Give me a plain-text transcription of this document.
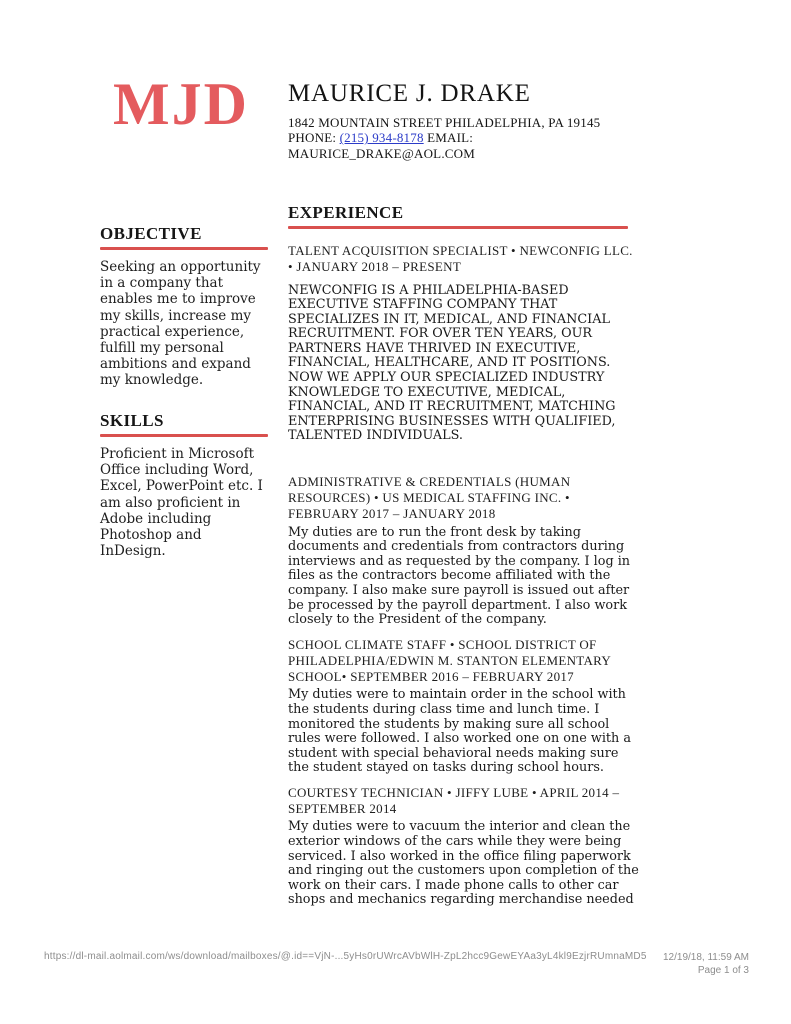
MJD MAURICE J. DRAKE
1842 MOUNTAIN STREET PHILADELPHIA, PA 19145
PHONE: (215) 934-8178 EMAIL: MAURICE_DRAKE@AOL.COM
OBJECTIVE
Seeking an opportunity in a company that enables me to improve my skills, increase my practical experience, fulfill my personal ambitions and expand my knowledge.
SKILLS
Proficient in Microsoft Office including Word, Excel, PowerPoint etc. I am also proficient in Adobe including Photoshop and InDesign.
EXPERIENCE
TALENT ACQUISITION SPECIALIST • NEWCONFIG LLC. • JANUARY 2018 – PRESENT
NEWCONFIG IS A PHILADELPHIA-BASED EXECUTIVE STAFFING COMPANY THAT SPECIALIZES IN IT, MEDICAL, AND FINANCIAL RECRUITMENT. FOR OVER TEN YEARS, OUR PARTNERS HAVE THRIVED IN EXECUTIVE, FINANCIAL, HEALTHCARE, AND IT POSITIONS. NOW WE APPLY OUR SPECIALIZED INDUSTRY KNOWLEDGE TO EXECUTIVE, MEDICAL, FINANCIAL, AND IT RECRUITMENT, MATCHING ENTERPRISING BUSINESSES WITH QUALIFIED, TALENTED INDIVIDUALS.
ADMINISTRATIVE & CREDENTIALS (HUMAN RESOURCES) • US MEDICAL STAFFING INC. • FEBRUARY 2017 – JANUARY 2018
My duties are to run the front desk by taking documents and credentials from contractors during interviews and as requested by the company. I log in files as the contractors become affiliated with the company. I also make sure payroll is issued out after be processed by the payroll department. I also work closely to the President of the company.
SCHOOL CLIMATE STAFF • SCHOOL DISTRICT OF PHILADELPHIA/EDWIN M. STANTON ELEMENTARY SCHOOL• SEPTEMBER 2016 – FEBRUARY 2017
My duties were to maintain order in the school with the students during class time and lunch time. I monitored the students by making sure all school rules were followed. I also worked one on one with a student with special behavioral needs making sure the student stayed on tasks during school hours.
COURTESY TECHNICIAN • JIFFY LUBE • APRIL 2014 – SEPTEMBER 2014
My duties were to vacuum the interior and clean the exterior windows of the cars while they were being serviced. I also worked in the office filing paperwork and ringing out the customers upon completion of the work on their cars. I made phone calls to other car shops and mechanics regarding merchandise needed
https://dl-mail.aolmail.com/ws/download/mailboxes/@.id==VjN-...5yHs0rUWrcAVbWlH-ZpL2hcc9GewEYAa3yL4kl9EzjrRUmnaMD5 12/19/18, 11:59 AM
Page 1 of 3
